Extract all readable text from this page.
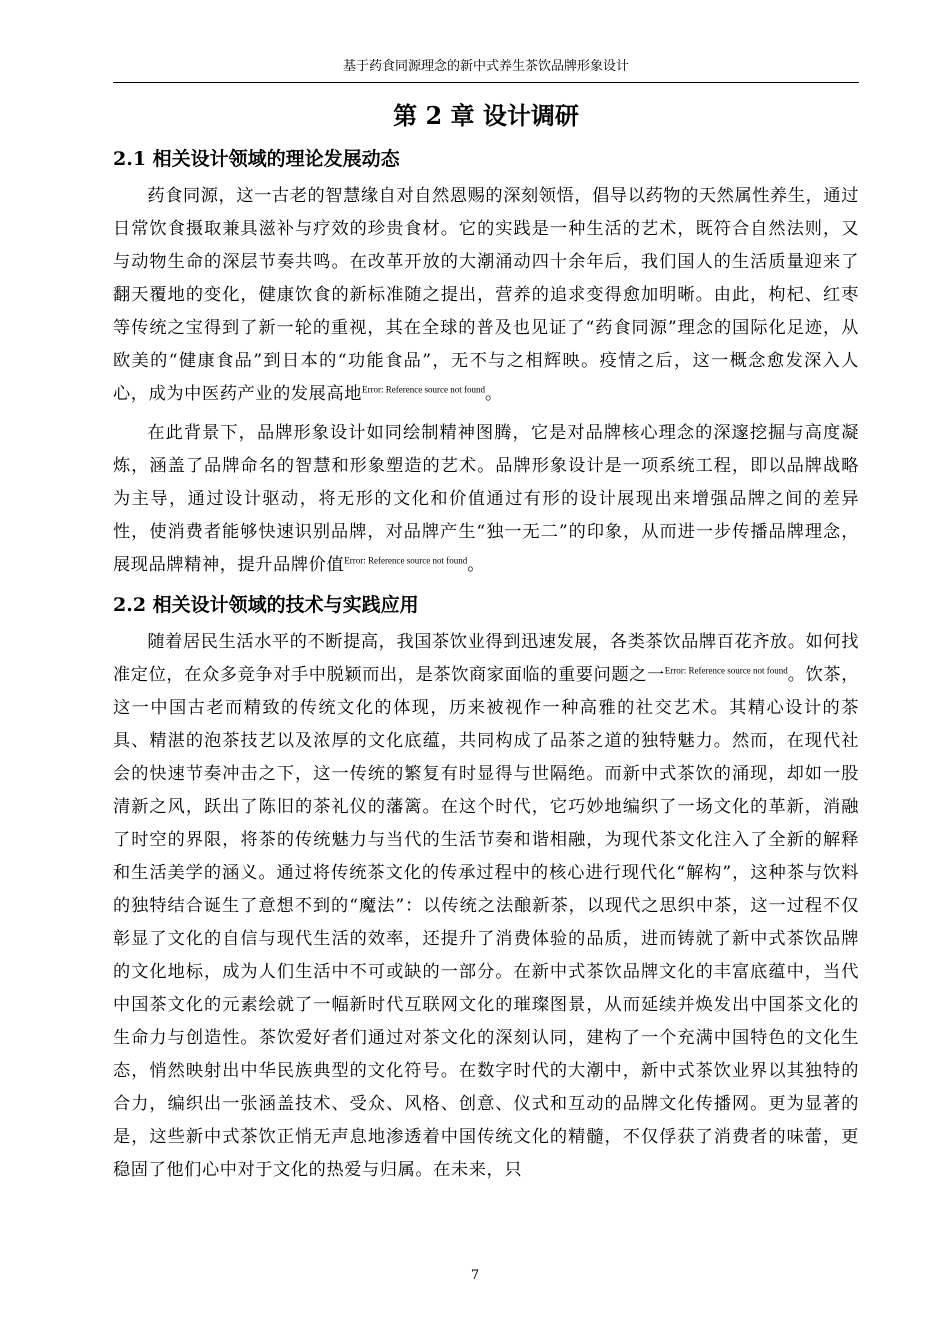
基于药食同源理念的新中式养生茶饮品牌形象设计
第 2 章 设计调研
2.1 相关设计领域的理论发展动态

药食同源，这一古老的智慧缘自对自然恩赐的深刻领悟，倡导以药物的天然属性养生，通过日常饮食摄取兼具滋补与疗效的珍贵食材。它的实践是一种生活的艺术，既符合自然法则，又与动物生命的深层节奏共鸣。在改革开放的大潮涌动四十余年后，我们国人的生活质量迎来了翻天覆地的变化，健康饮食的新标准随之提出，营养的追求变得愈加明晰。由此，枸杞、红枣等传统之宝得到了新一轮的重视，其在全球的普及也见证了“药食同源”理念的国际化足迹，从欧美的“健康食品”到日本的“功能食品”，无不与之相辉映。疫情之后，这一概念愈发深入人心，成为中医药产业的发展高地$^{Error: Reference source not found}$。

在此背景下，品牌形象设计如同绘制精神图腾，它是对品牌核心理念的深邃挖掘与高度凝炼，涵盖了品牌命名的智慧和形象塑造的艺术。品牌形象设计是一项系统工程，即以品牌战略为主导，通过设计驱动，将无形的文化和价值通过有形的设计展现出来增强品牌之间的差异性，使消费者能够快速识别品牌，对品牌产生“独一无二”的印象，从而进一步传播品牌理念，展现品牌精神，提升品牌价值$^{Error: Reference source not found}$。

2.2 相关设计领域的技术与实践应用

随着居民生活水平的不断提高，我国茶饮业得到迅速发展，各类茶饮品牌百花齐放。如何找准定位，在众多竞争对手中脱颖而出，是茶饮商家面临的重要问题之一$^{Error: Reference source not found}$。饮茶，这一中国古老而精致的传统文化的体现，历来被视作一种高雅的社交艺术。其精心设计的茶具、精湛的泡茶技艺以及浓厚的文化底蕴，共同构成了品茶之道的独特魅力。然而，在现代社会的快速节奏冲击之下，这一传统的繁复有时显得与世隔绝。而新中式茶饮的涌现，却如一股清新之风，跃出了陈旧的茶礼仪的藩篱。在这个时代，它巧妙地编织了一场文化的革新，消融了时空的界限，将茶的传统魅力与当代的生活节奏和谐相融，为现代茶文化注入了全新的解释和生活美学的涵义。通过将传统茶文化的传承过程中的核心进行现代化“解构”，这种茶与饮料的独特结合诞生了意想不到的“魔法”：以传统之法酿新茶，以现代之思织中茶，这一过程不仅彰显了文化的自信与现代生活的效率，还提升了消费体验的品质，进而铸就了新中式茶饮品牌的文化地标，成为人们生活中不可或缺的一部分。在新中式茶饮品牌文化的丰富底蕴中，当代中国茶文化的元素绘就了一幅新时代互联网文化的璀璨图景，从而延续并焕发出中国茶文化的生命力与创造性。茶饮爱好者们通过对茶文化的深刻认同，建构了一个充满中国特色的文化生态，悄然映射出中华民族典型的文化符号。在数字时代的大潮中，新中式茶饮业界以其独特的合力，编织出一张涵盖技术、受众、风格、创意、仪式和互动的品牌文化传播网。更为显著的是，这些新中式茶饮正悄无声息地渗透着中国传统文化的精髓，不仅俘获了消费者的味蕾，更稳固了他们心中对于文化的热爱与归属。在未来，只

7
